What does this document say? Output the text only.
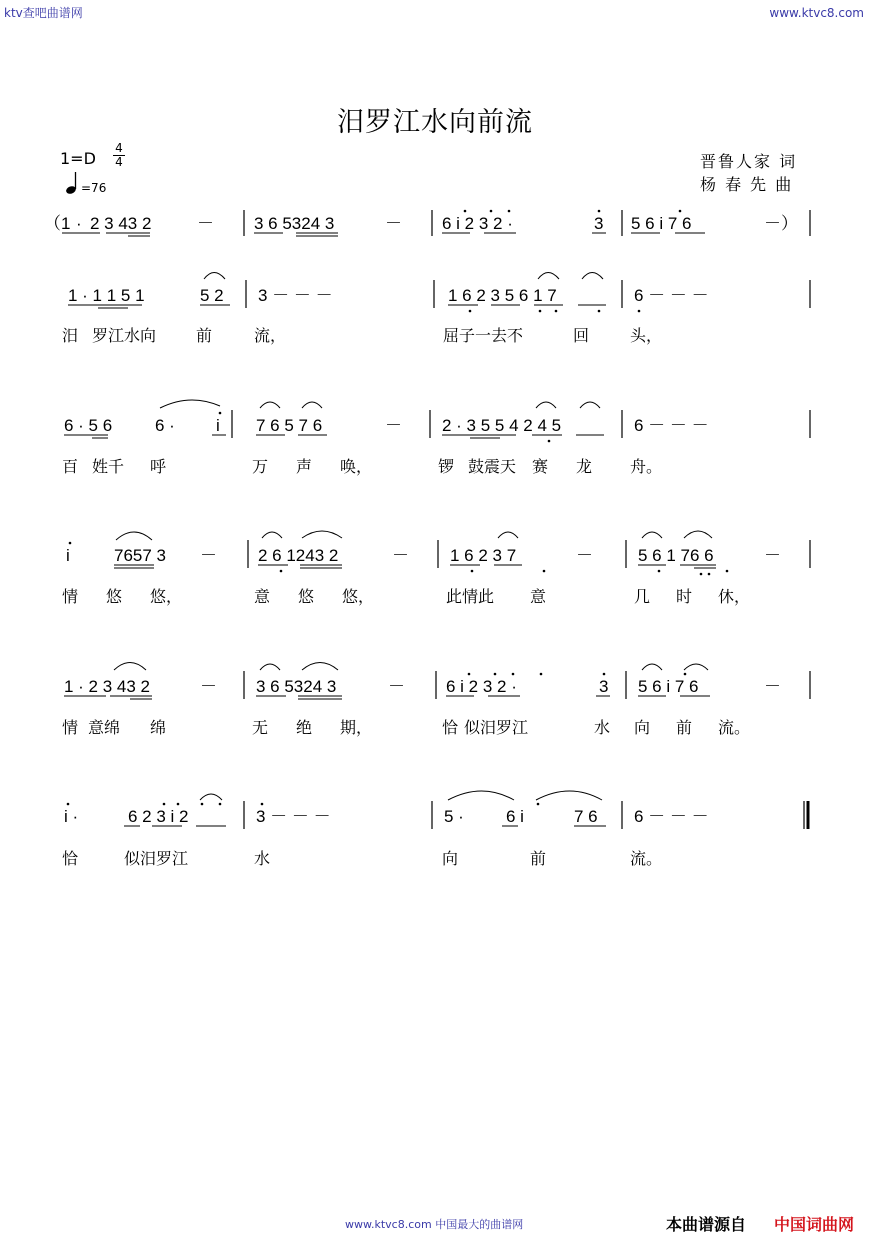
ktv查吧曲谱网	www.ktvc8.com
汨罗江水向前流
$1=D \frac{4}{4}$
=76
晋鲁人家 词
杨 春 先 曲
（1 · 2 3 43 2	－ 3 6 5324 3	－ 6 i 2 3 2 ·	3 5 6 i 7 6	－）
1 · 1 1 5 1	5 2 3 － － －	1 6 2 3 5 6 1 7	6 － － －
6 · 5 6	6 · i 7 6 5 7 6	－ 2 · 3 5 5 4 2 4 5	6 － － －
i	7657 3 － 2 6 1243 2	－ 1 6 2 3 7	－	5 6 1 76 6	－
1 · 2 3 43 2	－ 3 6 5324 3	－ 6 i 2 3 2 ·	3 5 6 i 7 6	－
i ·	6 2 3 i 2	3 － － －	5 · 6 i	7 6 6 － － －
汨 罗江水向 前	流，	屈子一去不	回	头，
百 姓千 呼	万 声 唤，	锣 鼓震天 赛 龙 舟。
情 悠 悠，	意 悠 悠，	此情此 意	几 时 休，
情 意绵 绵	无 绝 期，	恰 似汨罗江	水 向 前 流。
恰	似汨罗江	水	向	前	流。
www.ktvc8.com 中国最大的曲谱网	本曲谱源自 中国词曲网
